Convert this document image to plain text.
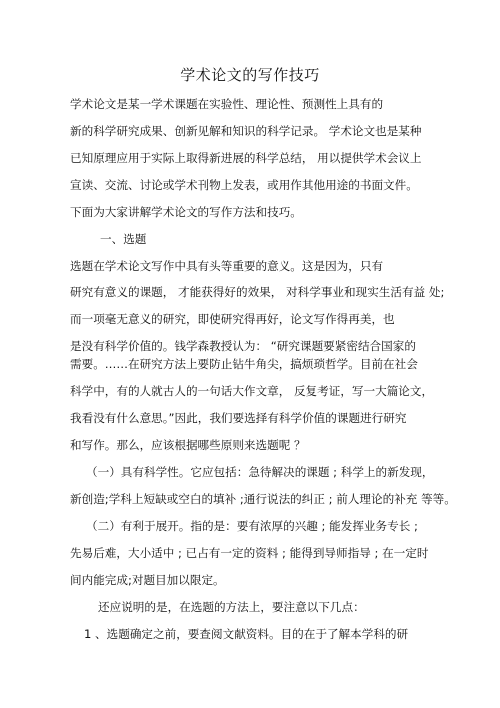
学术论文的写作技巧
学术论文是某一学术课题在实验性、理论性、预测性上具有的
新的科学研究成果、创新见解和知识的科学记录。 学术论文也是某种
已知原理应用于实际上取得新进展的科学总结， 用以提供学术会议上
宣读、交流、讨论或学术刊物上发表，或用作其他用途的书面文件。
下面为大家讲解学术论文的写作方法和技巧。
一、选题
选题在学术论文写作中具有头等重要的意义。这是因为，只有
研究有意义的课题， 才能获得好的效果， 对科学事业和现实生活有益 处;
而一项毫无意义的研究，即使研究得再好，论文写作得再美，也
是没有科学价值的。钱学森教授认为： “研究课题要紧密结合国家的
需要。……在研究方法上要防止钻牛角尖，搞烦琐哲学。目前在社会
科学中，有的人就古人的一句话大作文章， 反复考证，写一大篇论文，
我看没有什么意思。”因此，我们要选择有科学价值的课题进行研究
和写作。那么，应该根据哪些原则来选题呢 ？
（一）具有科学性。它应包括：急待解决的课题 ; 科学上的新发现，
新创造;学科上短缺或空白的填补 ;通行说法的纠正 ; 前人理论的补充 等等。
（二）有利于展开。指的是：要有浓厚的兴趣 ; 能发挥业务专长 ;
先易后难，大小适中 ; 已占有一定的资料 ; 能得到导师指导 ; 在一定时
间内能完成;对题目加以限定。
还应说明的是，在选题的方法上，要注意以下几点：
1 、选题确定之前，要查阅文献资料。目的在于了解本学科的研
